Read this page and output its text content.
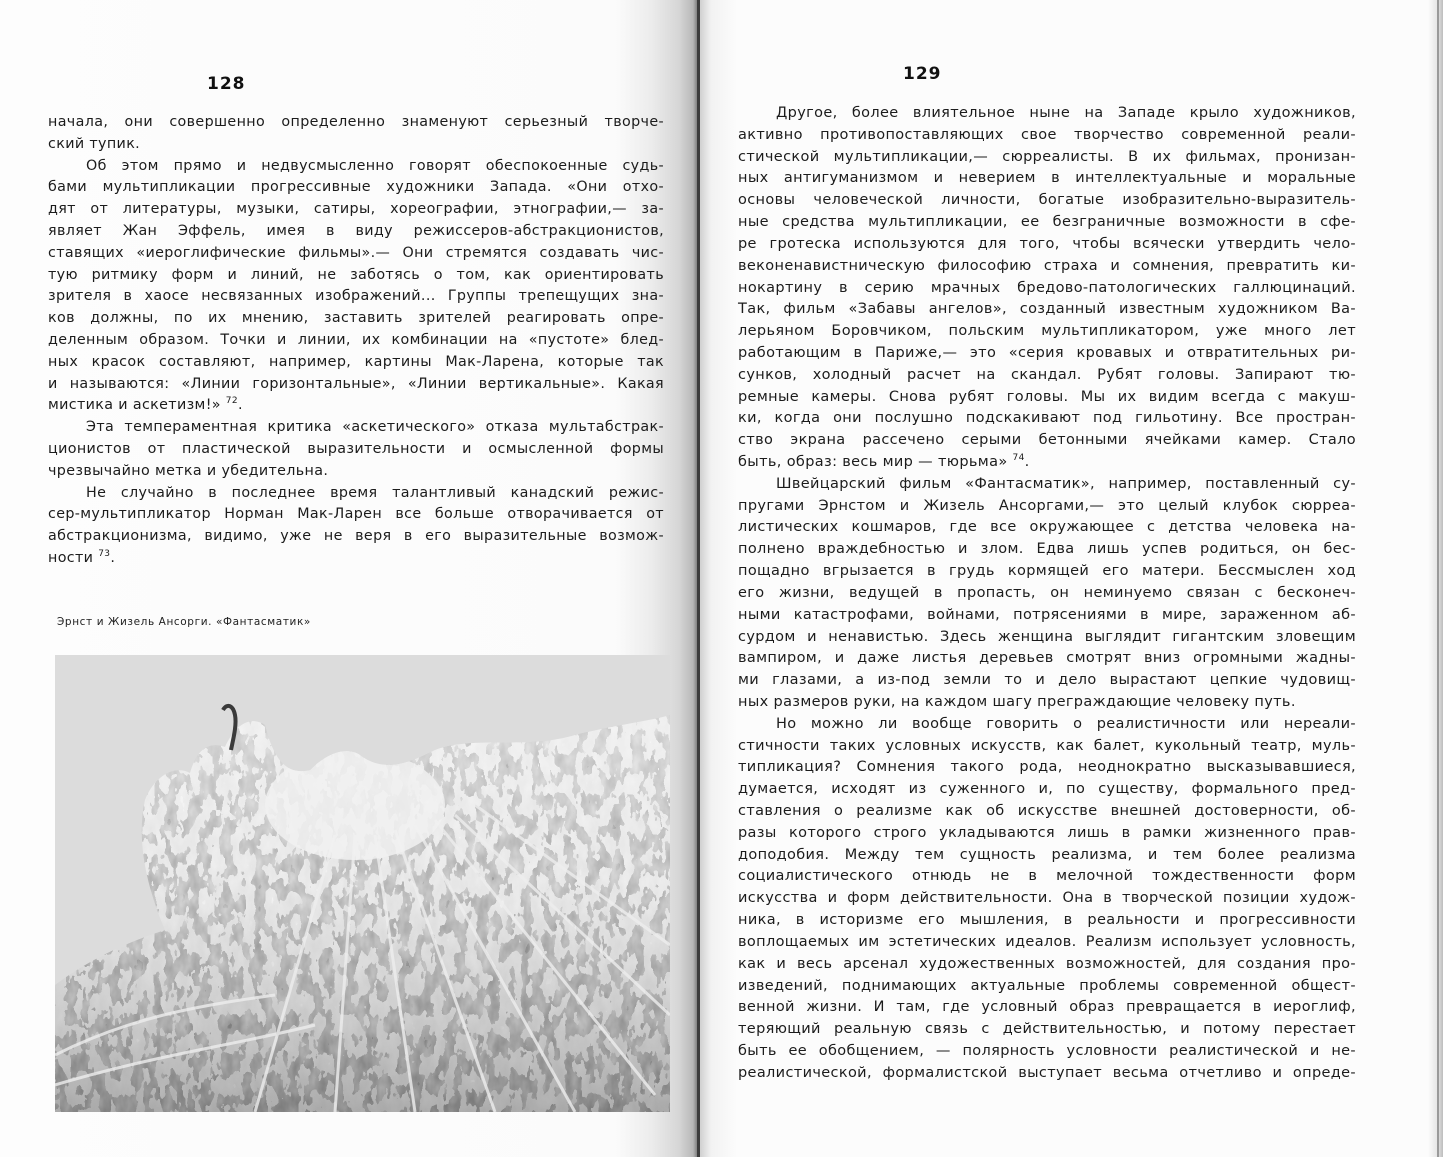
128
начала, они совершенно определенно знаменуют серьезный творче-
ский тупик.
Об этом прямо и недвусмысленно говорят обеспокоенные судь-
бами мультипликации прогрессивные художники Запада. «Они отхо-
дят от литературы, музыки, сатиры, хореографии, этнографии,— за-
являет Жан Эффель, имея в виду режиссеров-абстракционистов,
ставящих «иероглифические фильмы».— Они стремятся создавать чис-
тую ритмику форм и линий, не заботясь о том, как ориентировать
зрителя в хаосе несвязанных изображений... Группы трепещущих зна-
ков должны, по их мнению, заставить зрителей реагировать опре-
деленным образом. Точки и линии, их комбинации на «пустоте» блед-
ных красок составляют, например, картины Мак-Ларена, которые так
и называются: «Линии горизонтальные», «Линии вертикальные». Какая
мистика и аскетизм!» $^{72}$.
Эта темпераментная критика «аскетического» отказа мультабстрак-
ционистов от пластической выразительности и осмысленной формы
чрезвычайно метка и убедительна.
Не случайно в последнее время талантливый канадский режис-
сер-мультипликатор Норман Мак-Ларен все больше отворачивается от
абстракционизма, видимо, уже не веря в его выразительные возмож-
ности $^{73}$.
Эрнст и Жизель Ансорги. «Фантасматик»
129
Другое, более влиятельное ныне на Западе крыло художников,
активно противопоставляющих свое творчество современной реали-
стической мультипликации,— сюрреалисты. В их фильмах, пронизан-
ных антигуманизмом и неверием в интеллектуальные и моральные
основы человеческой личности, богатые изобразительно-выразитель-
ные средства мультипликации, ее безграничные возможности в сфе-
ре гротеска используются для того, чтобы всячески утвердить чело-
веконенавистническую философию страха и сомнения, превратить ки-
нокартину в серию мрачных бредово-патологических галлюцинаций.
Так, фильм «Забавы ангелов», созданный известным художником Ва-
лерьяном Боровчиком, польским мультипликатором, уже много лет
работающим в Париже,— это «серия кровавых и отвратительных ри-
сунков, холодный расчет на скандал. Рубят головы. Запирают тю-
ремные камеры. Снова рубят головы. Мы их видим всегда с макуш-
ки, когда они послушно подскакивают под гильотину. Все простран-
ство экрана рассечено серыми бетонными ячейками камер. Стало
быть, образ: весь мир — тюрьма» $^{74}$.
Швейцарский фильм «Фантасматик», например, поставленный су-
пругами Эрнстом и Жизель Ансоргами,— это целый клубок сюррea-
листических кошмаров, где все окружающее с детства человека на-
полнено враждебностью и злом. Едва лишь успев родиться, он бес-
пощадно вгрызается в грудь кормящей его матери. Бессмыслен ход
его жизни, ведущей в пропасть, он неминуемо связан с бесконеч-
ными катастрофами, войнами, потрясениями в мире, зараженном аб-
сурдом и ненавистью. Здесь женщина выглядит гигантским зловещим
вампиром, и даже листья деревьев смотрят вниз огромными жадны-
ми глазами, а из-под земли то и дело вырастают цепкие чудовищ-
ных размеров руки, на каждом шагу преграждающие человеку путь.
Но можно ли вообще говорить о реалистичности или нереали-
стичности таких условных искусств, как балет, кукольный театр, муль-
типликация? Сомнения такого рода, неоднократно высказывавшиеся,
думается, исходят из суженного и, по существу, формального пред-
ставления о реализме как об искусстве внешней достоверности, об-
разы которого строго укладываются лишь в рамки жизненного прав-
доподобия. Между тем сущность реализма, и тем более реализма
социалистического отнюдь не в мелочной тождественности форм
искусства и форм действительности. Она в творческой позиции худож-
ника, в историзме его мышления, в реальности и прогрессивности
воплощаемых им эстетических идеалов. Реализм использует условность,
как и весь арсенал художественных возможностей, для создания про-
изведений, поднимающих актуальные проблемы современной общест-
венной жизни. И там, где условный образ превращается в иероглиф,
теряющий реальную связь с действительностью, и потому перестает
быть ее обобщением, — полярность условности реалистической и не-
реалистической, формалистской выступает весьма отчетливо и опреде-
